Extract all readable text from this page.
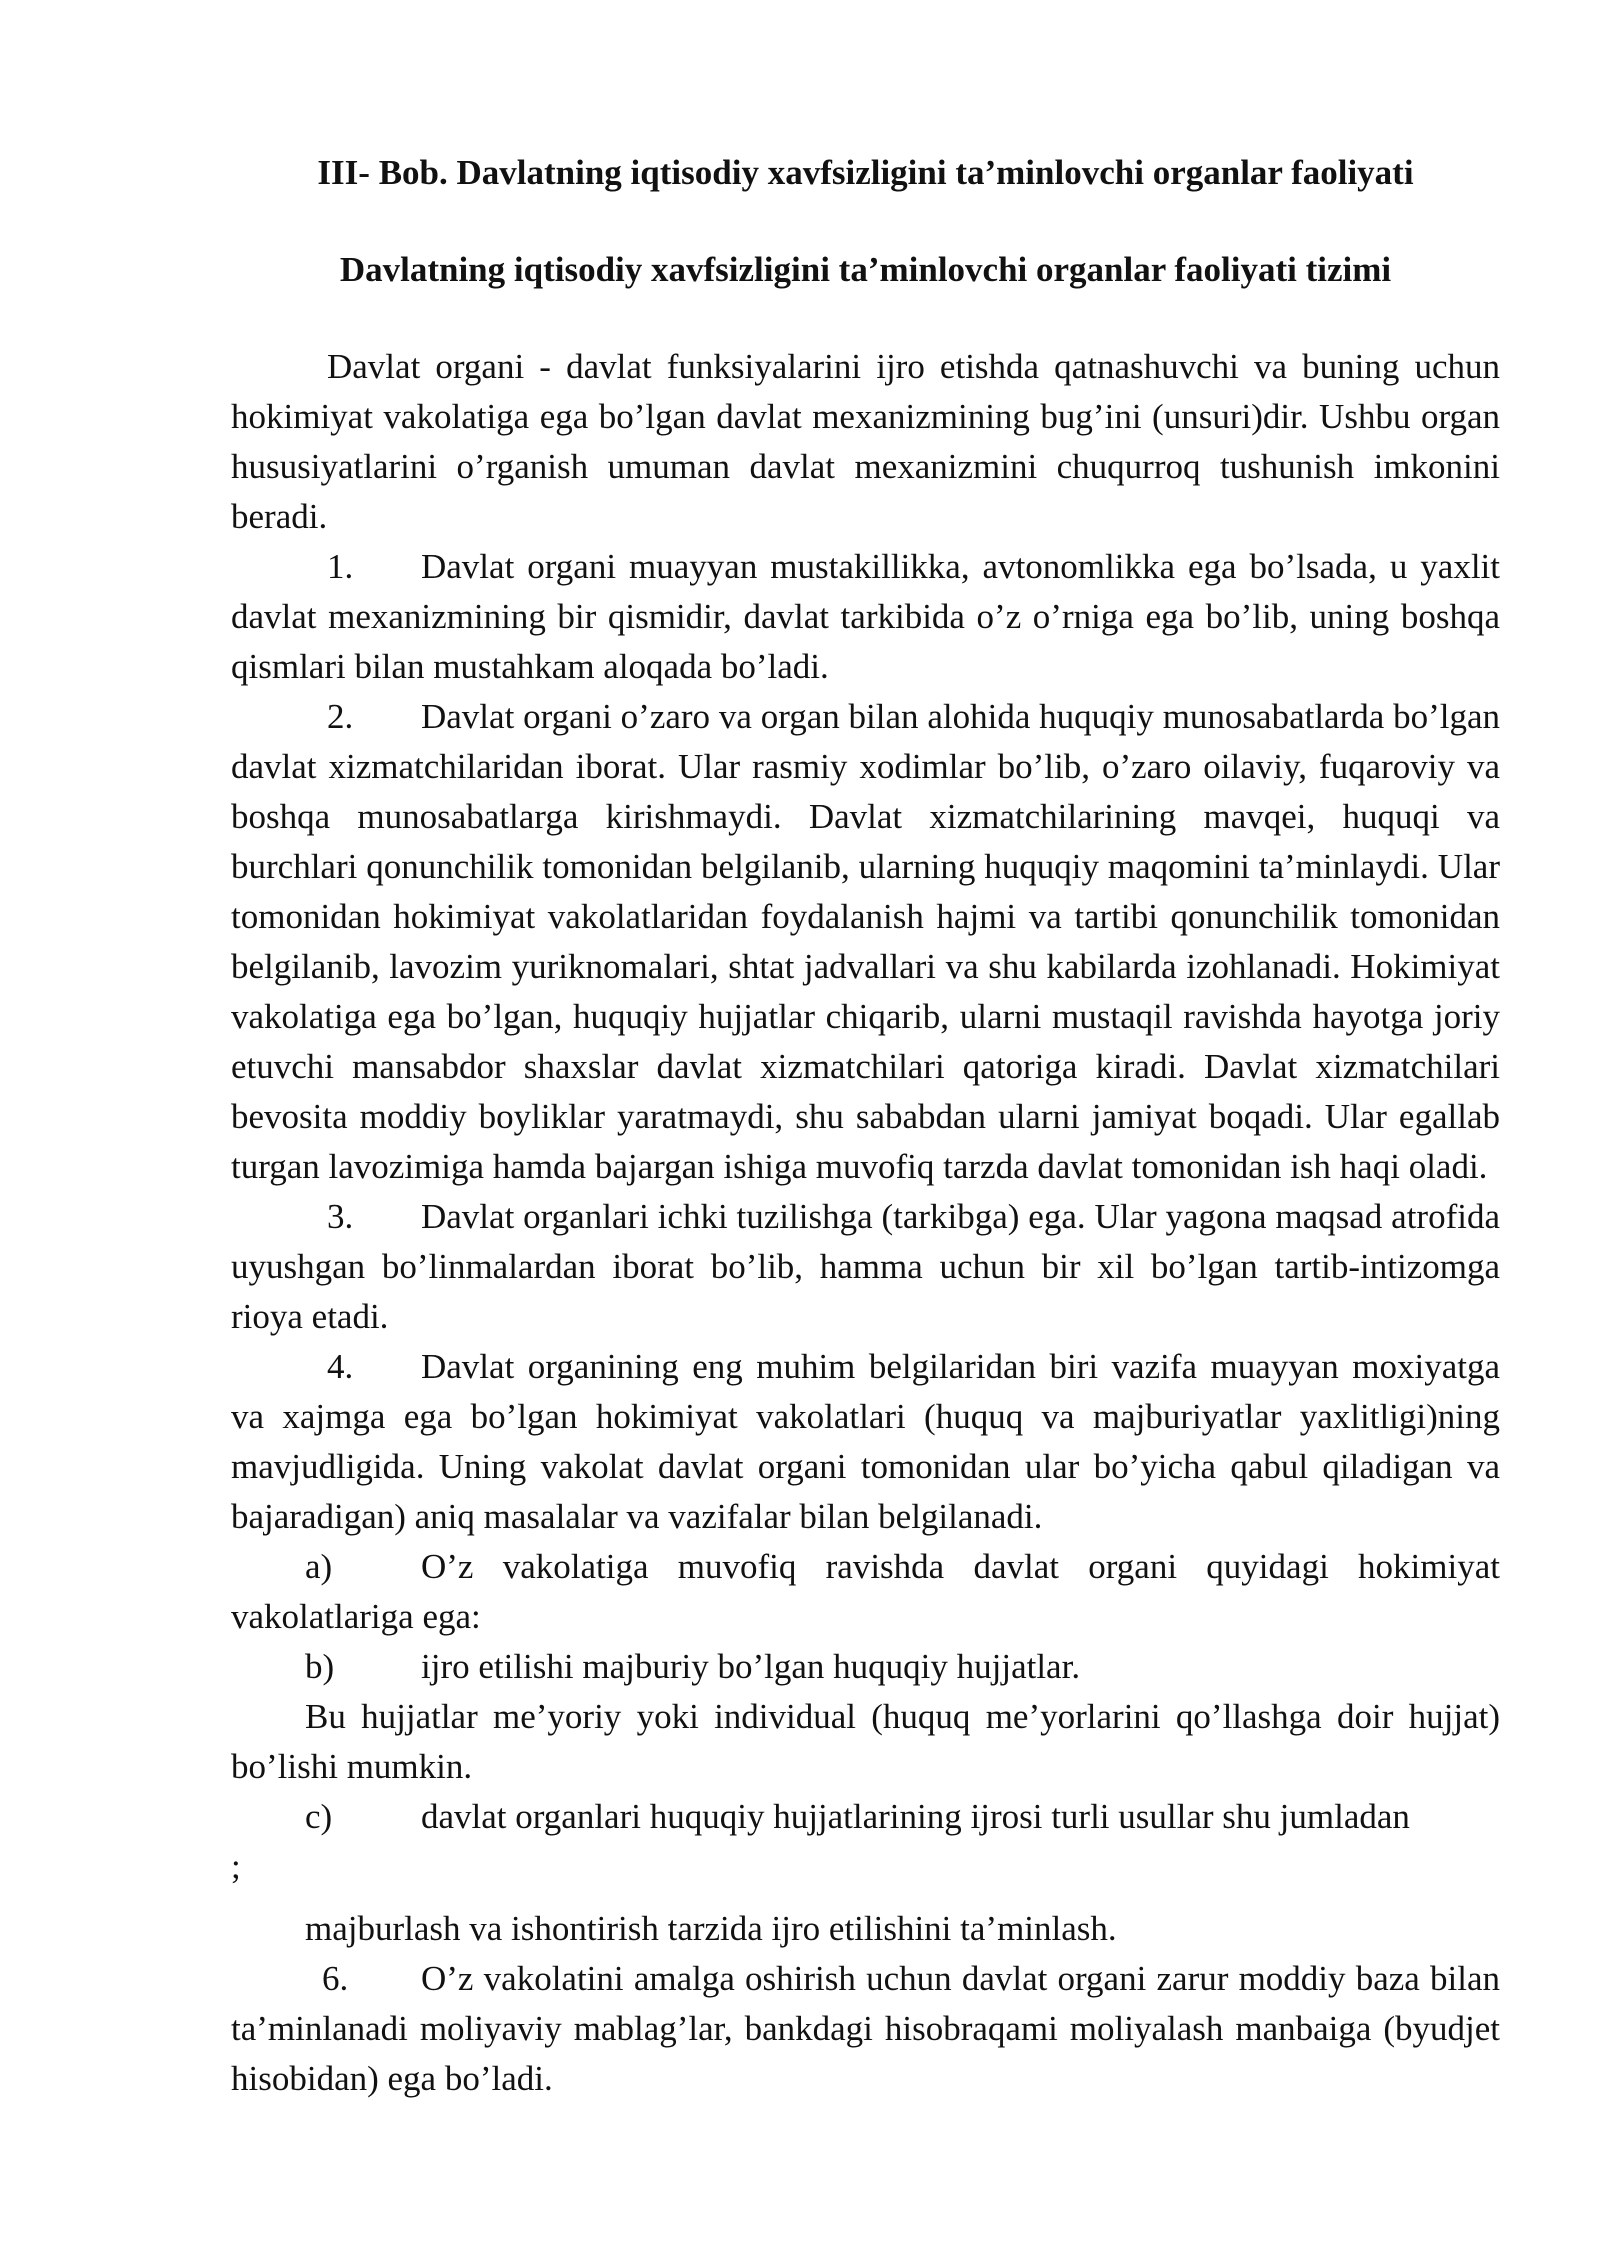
III- Bob. Davlatning iqtisodiy xavfsizligini ta’minlovchi organlar faoliyati

Davlatning iqtisodiy xavfsizligini ta’minlovchi organlar faoliyati tizimi

Davlat organi - davlat funksiyalarini ijro etishda qatnashuvchi va buning uchun hokimiyat vakolatiga ega bo’lgan davlat mexanizmining bug’ini (unsuri)dir. Ushbu organ hususiyatlarini o’rganish umuman davlat mexanizmini chuqurroq tushunish imkonini beradi.

1. Davlat organi muayyan mustakillikka, avtonomlikka ega bo’lsada, u yaxlit davlat mexanizmining bir qismidir, davlat tarkibida o’z o’rniga ega bo’lib, uning boshqa qismlari bilan mustahkam aloqada bo’ladi.

2. Davlat organi o’zaro va organ bilan alohida huquqiy munosabatlarda bo’lgan davlat xizmatchilaridan iborat. Ular rasmiy xodimlar bo’lib, o’zaro oilaviy, fuqaroviy va boshqa munosabatlarga kirishmaydi. Davlat xizmatchilarining mavqei, huquqi va burchlari qonunchilik tomonidan belgilanib, ularning huquqiy maqomini ta’minlaydi. Ular tomonidan hokimiyat vakolatlaridan foydalanish hajmi va tartibi qonunchilik tomonidan belgilanib, lavozim yuriknomalari, shtat jadvallari va shu kabilarda izohlanadi. Hokimiyat vakolatiga ega bo’lgan, huquqiy hujjatlar chiqarib, ularni mustaqil ravishda hayotga joriy etuvchi mansabdor shaxslar davlat xizmatchilari qatoriga kiradi. Davlat xizmatchilari bevosita moddiy boyliklar yaratmaydi, shu sababdan ularni jamiyat boqadi. Ular egallab turgan lavozimiga hamda bajargan ishiga muvofiq tarzda davlat tomonidan ish haqi oladi.

3. Davlat organlari ichki tuzilishga (tarkibga) ega. Ular yagona maqsad atrofida uyushgan bo’linmalardan iborat bo’lib, hamma uchun bir xil bo’lgan tartib-intizomga rioya etadi.

4. Davlat organining eng muhim belgilaridan biri vazifa muayyan moxiyatga va xajmga ega bo’lgan hokimiyat vakolatlari (huquq va majburiyatlar yaxlitligi)ning mavjudligida. Uning vakolat davlat organi tomonidan ular bo’yicha qabul qiladigan va bajaradigan) aniq masalalar va vazifalar bilan belgilanadi.

a)	O’z vakolatiga muvofiq ravishda davlat organi quyidagi hokimiyat vakolatlariga ega:

b) ijro etilishi majburiy bo’lgan huquqiy hujjatlar.

Bu hujjatlar me’yoriy yoki individual (huquq me’yorlarini qo’llashga doir hujjat) bo’lishi mumkin.

c)	davlat organlari huquqiy hujjatlarining ijrosi turli usullar shu jumladan

;

majburlash va ishontirish tarzida ijro etilishini ta’minlash.

6. O’z vakolatini amalga oshirish uchun davlat organi zarur moddiy baza bilan ta’minlanadi moliyaviy mablag’lar, bankdagi hisobraqami moliyalash manbaiga (byudjet hisobidan) ega bo’ladi.
